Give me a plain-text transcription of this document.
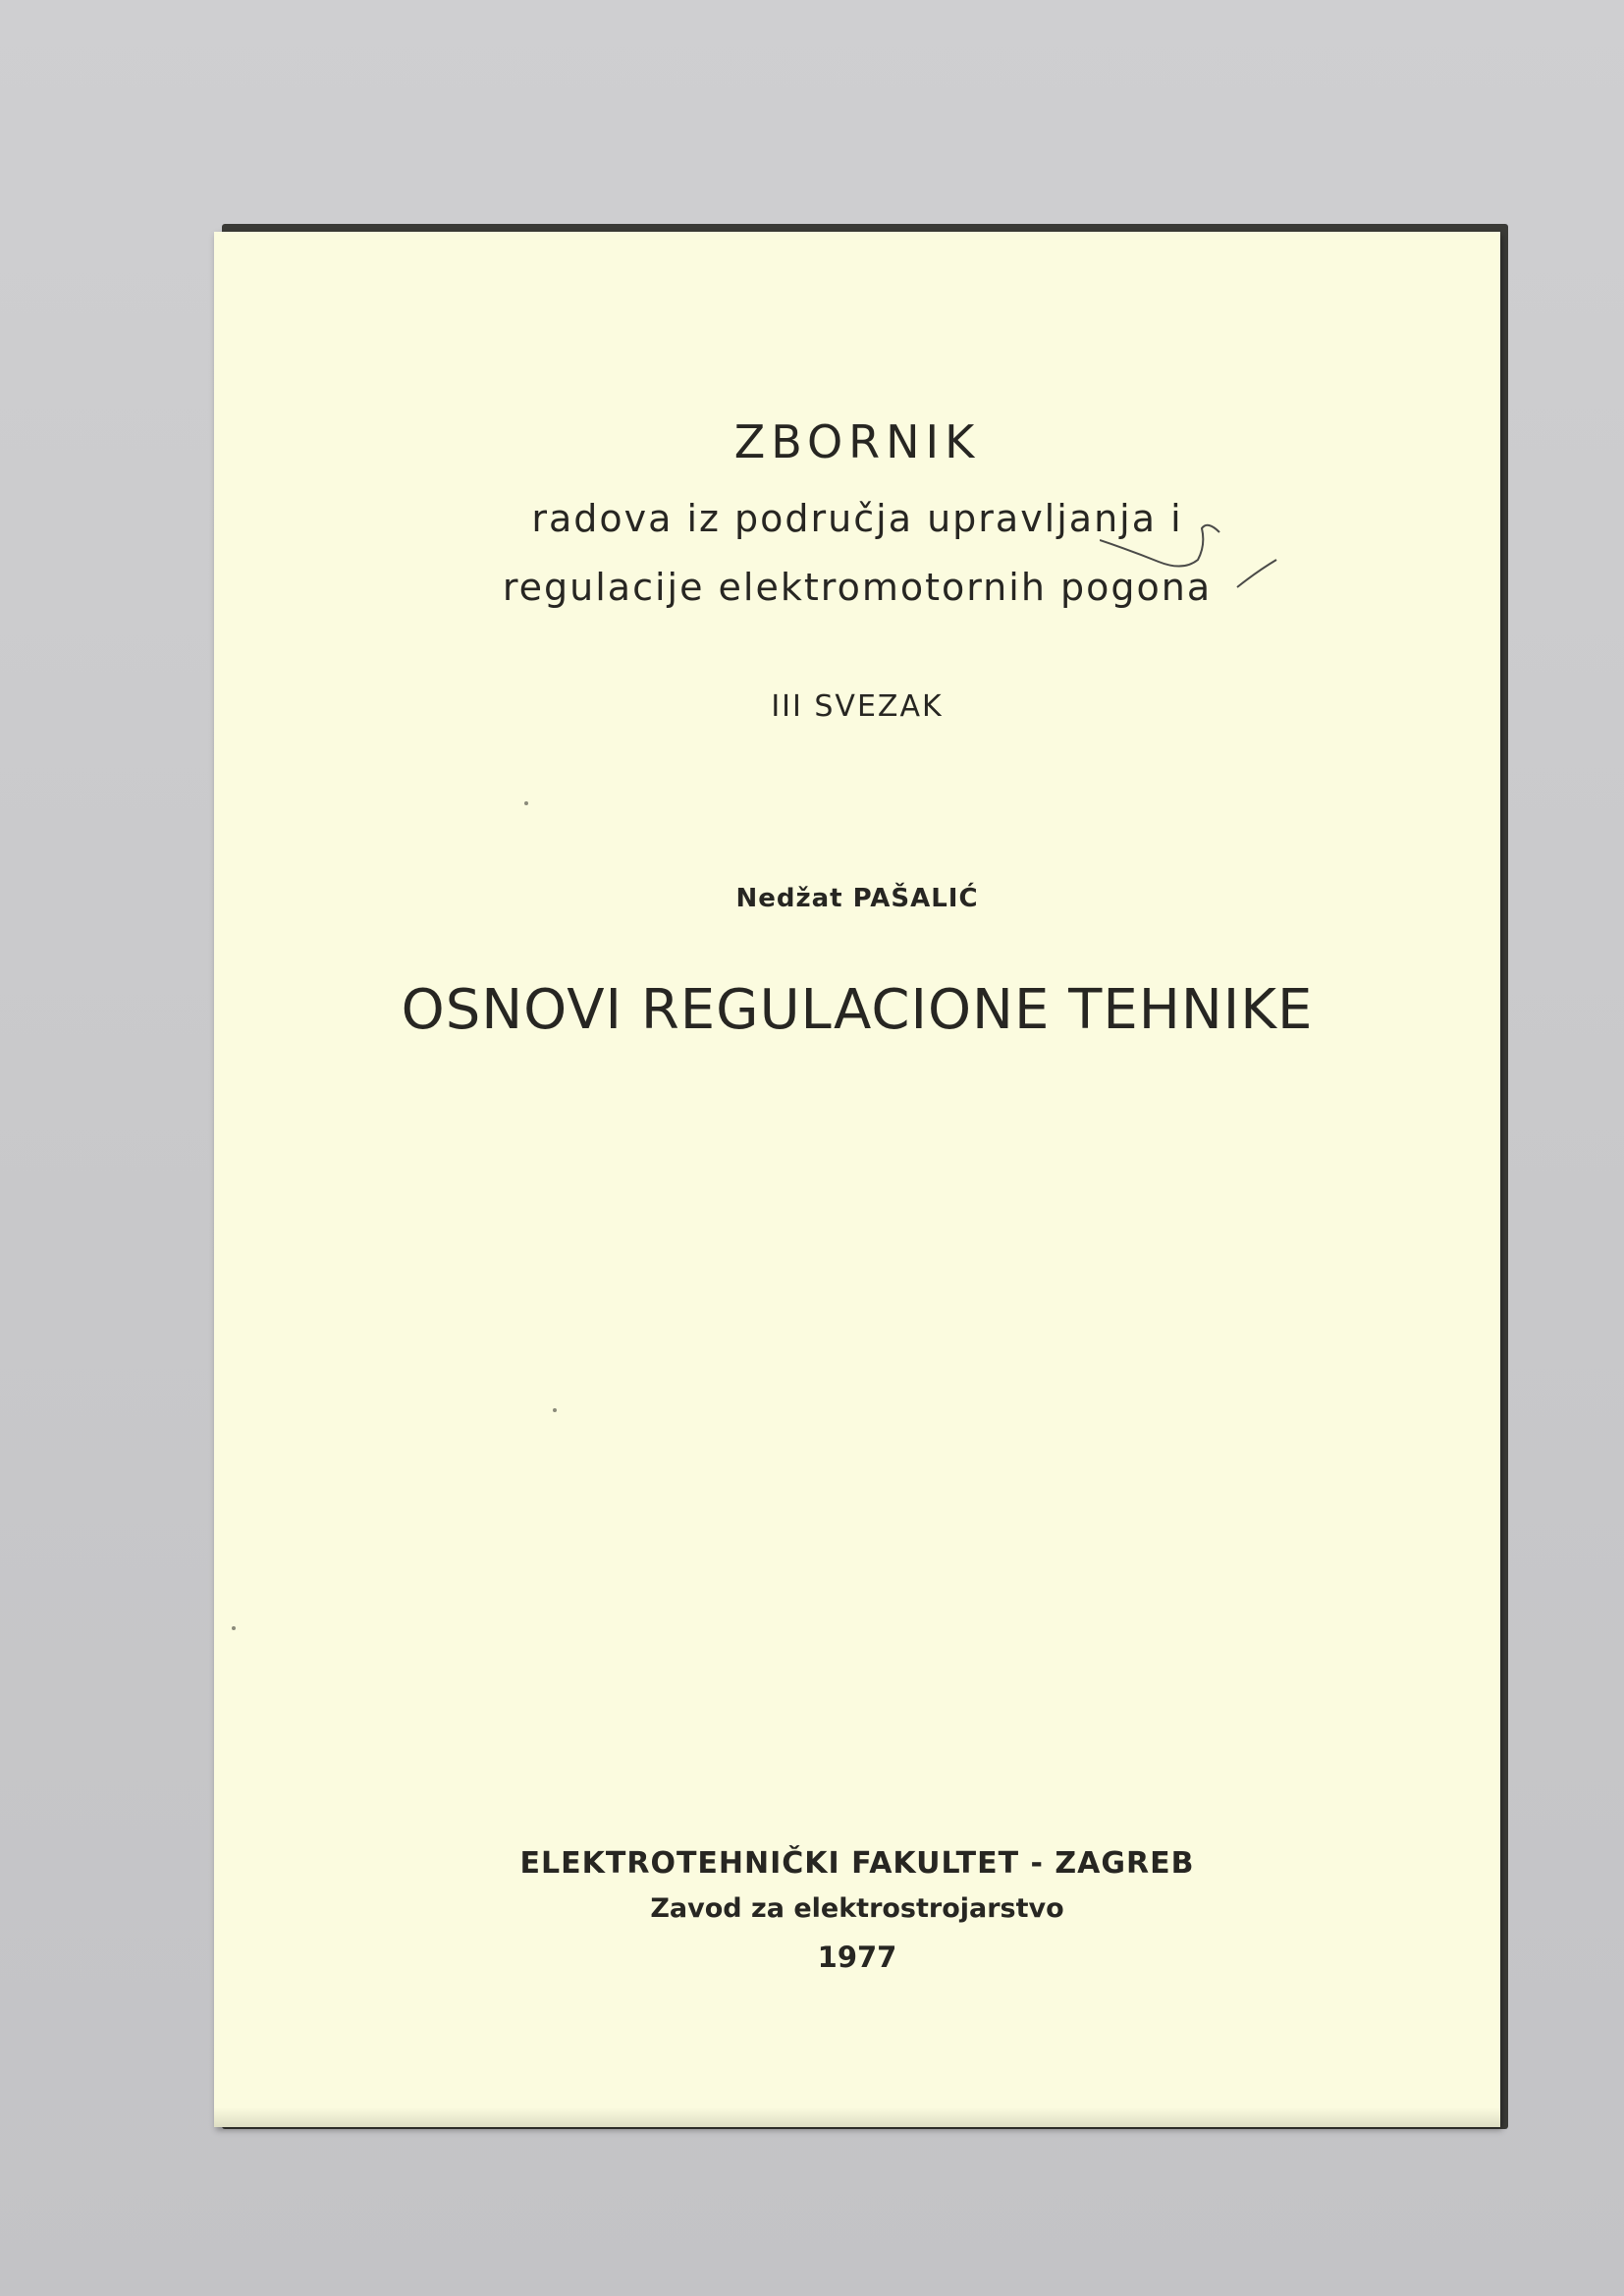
ZBORNIK
radova iz područja upravljanja i
regulacije elektromotornih pogona
III SVEZAK
Nedžat PAŠALIĆ
OSNOVI REGULACIONE TEHNIKE
ELEKTROTEHNIČKI FAKULTET - ZAGREB
Zavod za elektrostrojarstvo
1977
